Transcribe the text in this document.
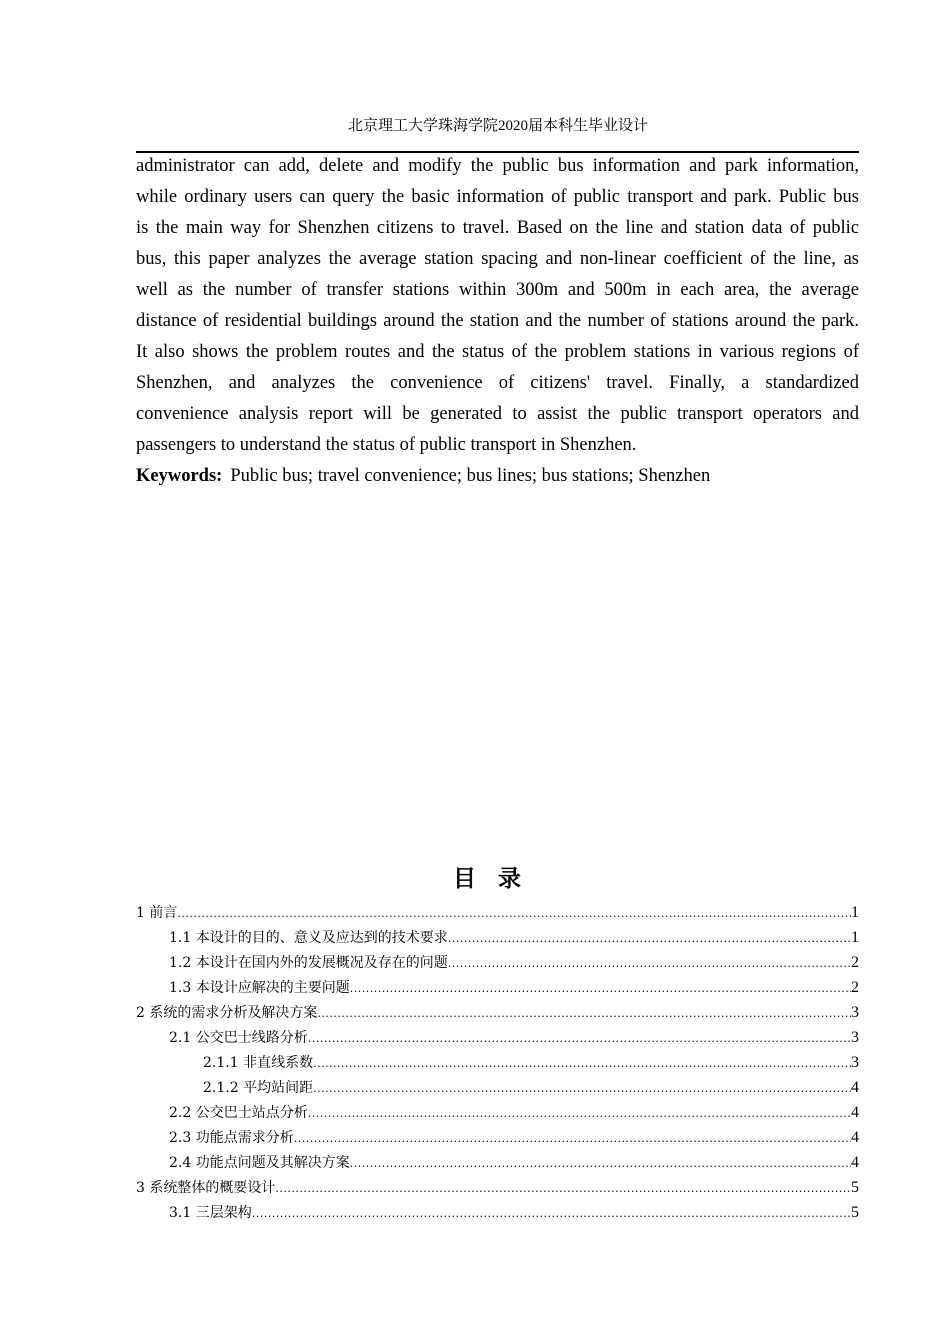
北京理工大学珠海学院2020届本科生毕业设计
administrator can add, delete and modify the public bus information and park information,
while ordinary users can query the basic information of public transport and park. Public bus
is the main way for Shenzhen citizens to travel. Based on the line and station data of public
bus, this paper analyzes the average station spacing and non-linear coefficient of the line, as
well as the number of transfer stations within 300m and 500m in each area, the average
distance of residential buildings around the station and the number of stations around the park.
It also shows the problem routes and the status of the problem stations in various regions of
Shenzhen, and analyzes the convenience of citizens' travel. Finally, a standardized
convenience analysis report will be generated to assist the public transport operators and
passengers to understand the status of public transport in Shenzhen.
Keywords: Public bus; travel convenience; bus lines; bus stations; Shenzhen
目录
1 前言 .....	1
1.1 本设计的目的、意义及应达到的技术要求 .....	1
1.2 本设计在国内外的发展概况及存在的问题 .....	2
1.3 本设计应解决的主要问题 .....	2
2 系统的需求分析及解决方案 .....	3
2.1 公交巴士线路分析 .....	3
2.1.1 非直线系数 .....	3
2.1.2 平均站间距 .....	4
2.2 公交巴士站点分析 .....	4
2.3 功能点需求分析 .....	4
2.4 功能点问题及其解决方案 .....	4
3 系统整体的概要设计 .....	5
3.1 三层架构 .....	5
